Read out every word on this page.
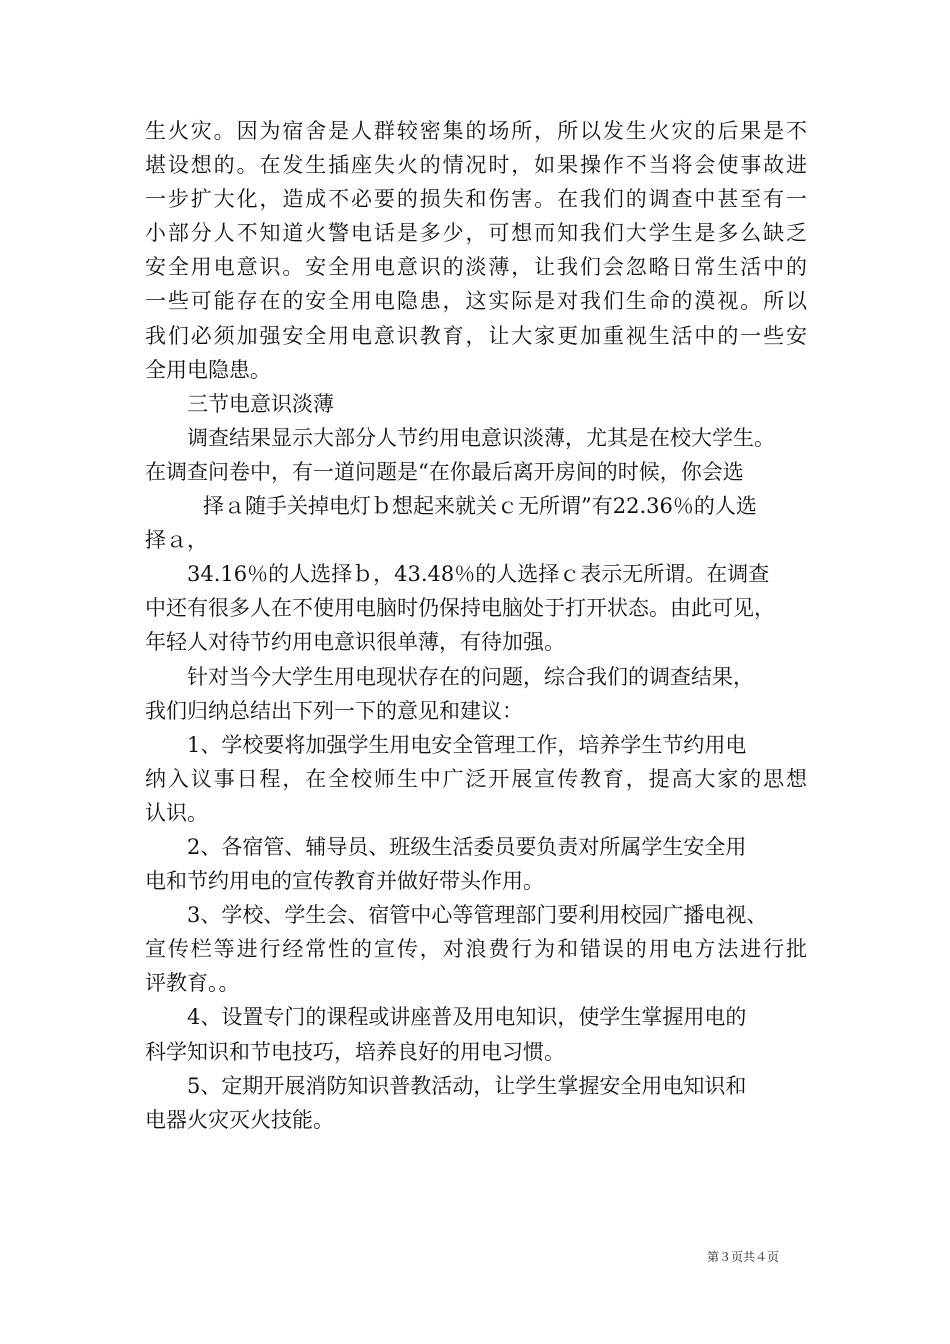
生火灾。因为宿舍是人群较密集的场所，所以发生火灾的后果是不
堪设想的。在发生插座失火的情况时，如果操作不当将会使事故进
一步扩大化，造成不必要的损失和伤害。在我们的调查中甚至有一
小部分人不知道火警电话是多少，可想而知我们大学生是多么缺乏
安全用电意识。安全用电意识的淡薄，让我们会忽略日常生活中的
一些可能存在的安全用电隐患，这实际是对我们生命的漠视。所以
我们必须加强安全用电意识教育，让大家更加重视生活中的一些安
全用电隐患。
三节电意识淡薄
调查结果显示大部分人节约用电意识淡薄，尤其是在校大学生。
在调查问卷中，有一道问题是“在你最后离开房间的时候，你会选
择ａ随手关掉电灯ｂ想起来就关ｃ无所谓”有22.36％的人选
择ａ，
34.16％的人选择ｂ，43.48％的人选择ｃ表示无所谓。在调查
中还有很多人在不使用电脑时仍保持电脑处于打开状态。由此可见，
年轻人对待节约用电意识很单薄，有待加强。
针对当今大学生用电现状存在的问题，综合我们的调查结果，
我们归纳总结出下列一下的意见和建议：
1、学校要将加强学生用电安全管理工作，培养学生节约用电
纳入议事日程，在全校师生中广泛开展宣传教育，提高大家的思想
认识。
2、各宿管、辅导员、班级生活委员要负责对所属学生安全用
电和节约用电的宣传教育并做好带头作用。
3、学校、学生会、宿管中心等管理部门要利用校园广播电视、
宣传栏等进行经常性的宣传，对浪费行为和错误的用电方法进行批
评教育。。
4、设置专门的课程或讲座普及用电知识，使学生掌握用电的
科学知识和节电技巧，培养良好的用电习惯。
5、定期开展消防知识普教活动，让学生掌握安全用电知识和
电器火灾灭火技能。
第３页共４页
